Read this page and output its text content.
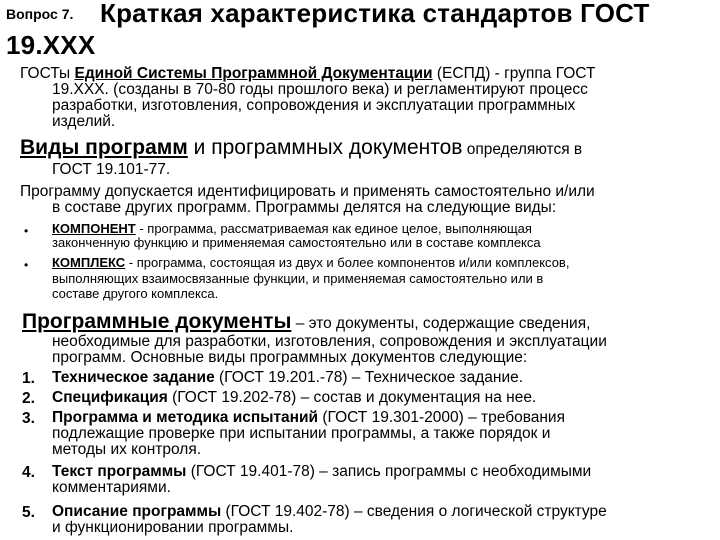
Вопрос 7. Краткая характеристика стандартов ГОСТ
19.XXX
ГОСТы Единой Системы Программной Документации (ЕСПД) - группа ГОСТ
19.XXX. (созданы в 70-80 годы прошлого века) и регламентируют процесс
разработки, изготовления, сопровождения и эксплуатации программных
изделий.
Виды программ и программных документов определяются в
ГОСТ 19.101-77.
Программу допускается идентифицировать и применять самостоятельно и/или
в составе других программ. Программы делятся на следующие виды:
• КОМПОНЕНТ - программа, рассматриваемая как единое целое, выполняющая
законченную функцию и применяемая самостоятельно или в составе комплекса
• КОМПЛЕКС - программа, состоящая из двух и более компонентов и/или комплексов,
выполняющих взаимосвязанные функции, и применяемая самостоятельно или в
составе другого комплекса.
Программные документы – это документы, содержащие сведения,
необходимые для разработки, изготовления, сопровождения и эксплуатации
программ. Основные виды программных документов следующие:
1. Техническое задание (ГОСТ 19.201.-78) – Техническое задание.
2. Спецификация (ГОСТ 19.202-78) – состав и документация на нее.
3. Программа и методика испытаний (ГОСТ 19.301-2000) – требования
подлежащие проверке при испытании программы, а также порядок и
методы их контроля.
4. Текст программы (ГОСТ 19.401-78) – запись программы с необходимыми
комментариями.
5. Описание программы (ГОСТ 19.402-78) – сведения о логической структуре
и функционировании программы.
